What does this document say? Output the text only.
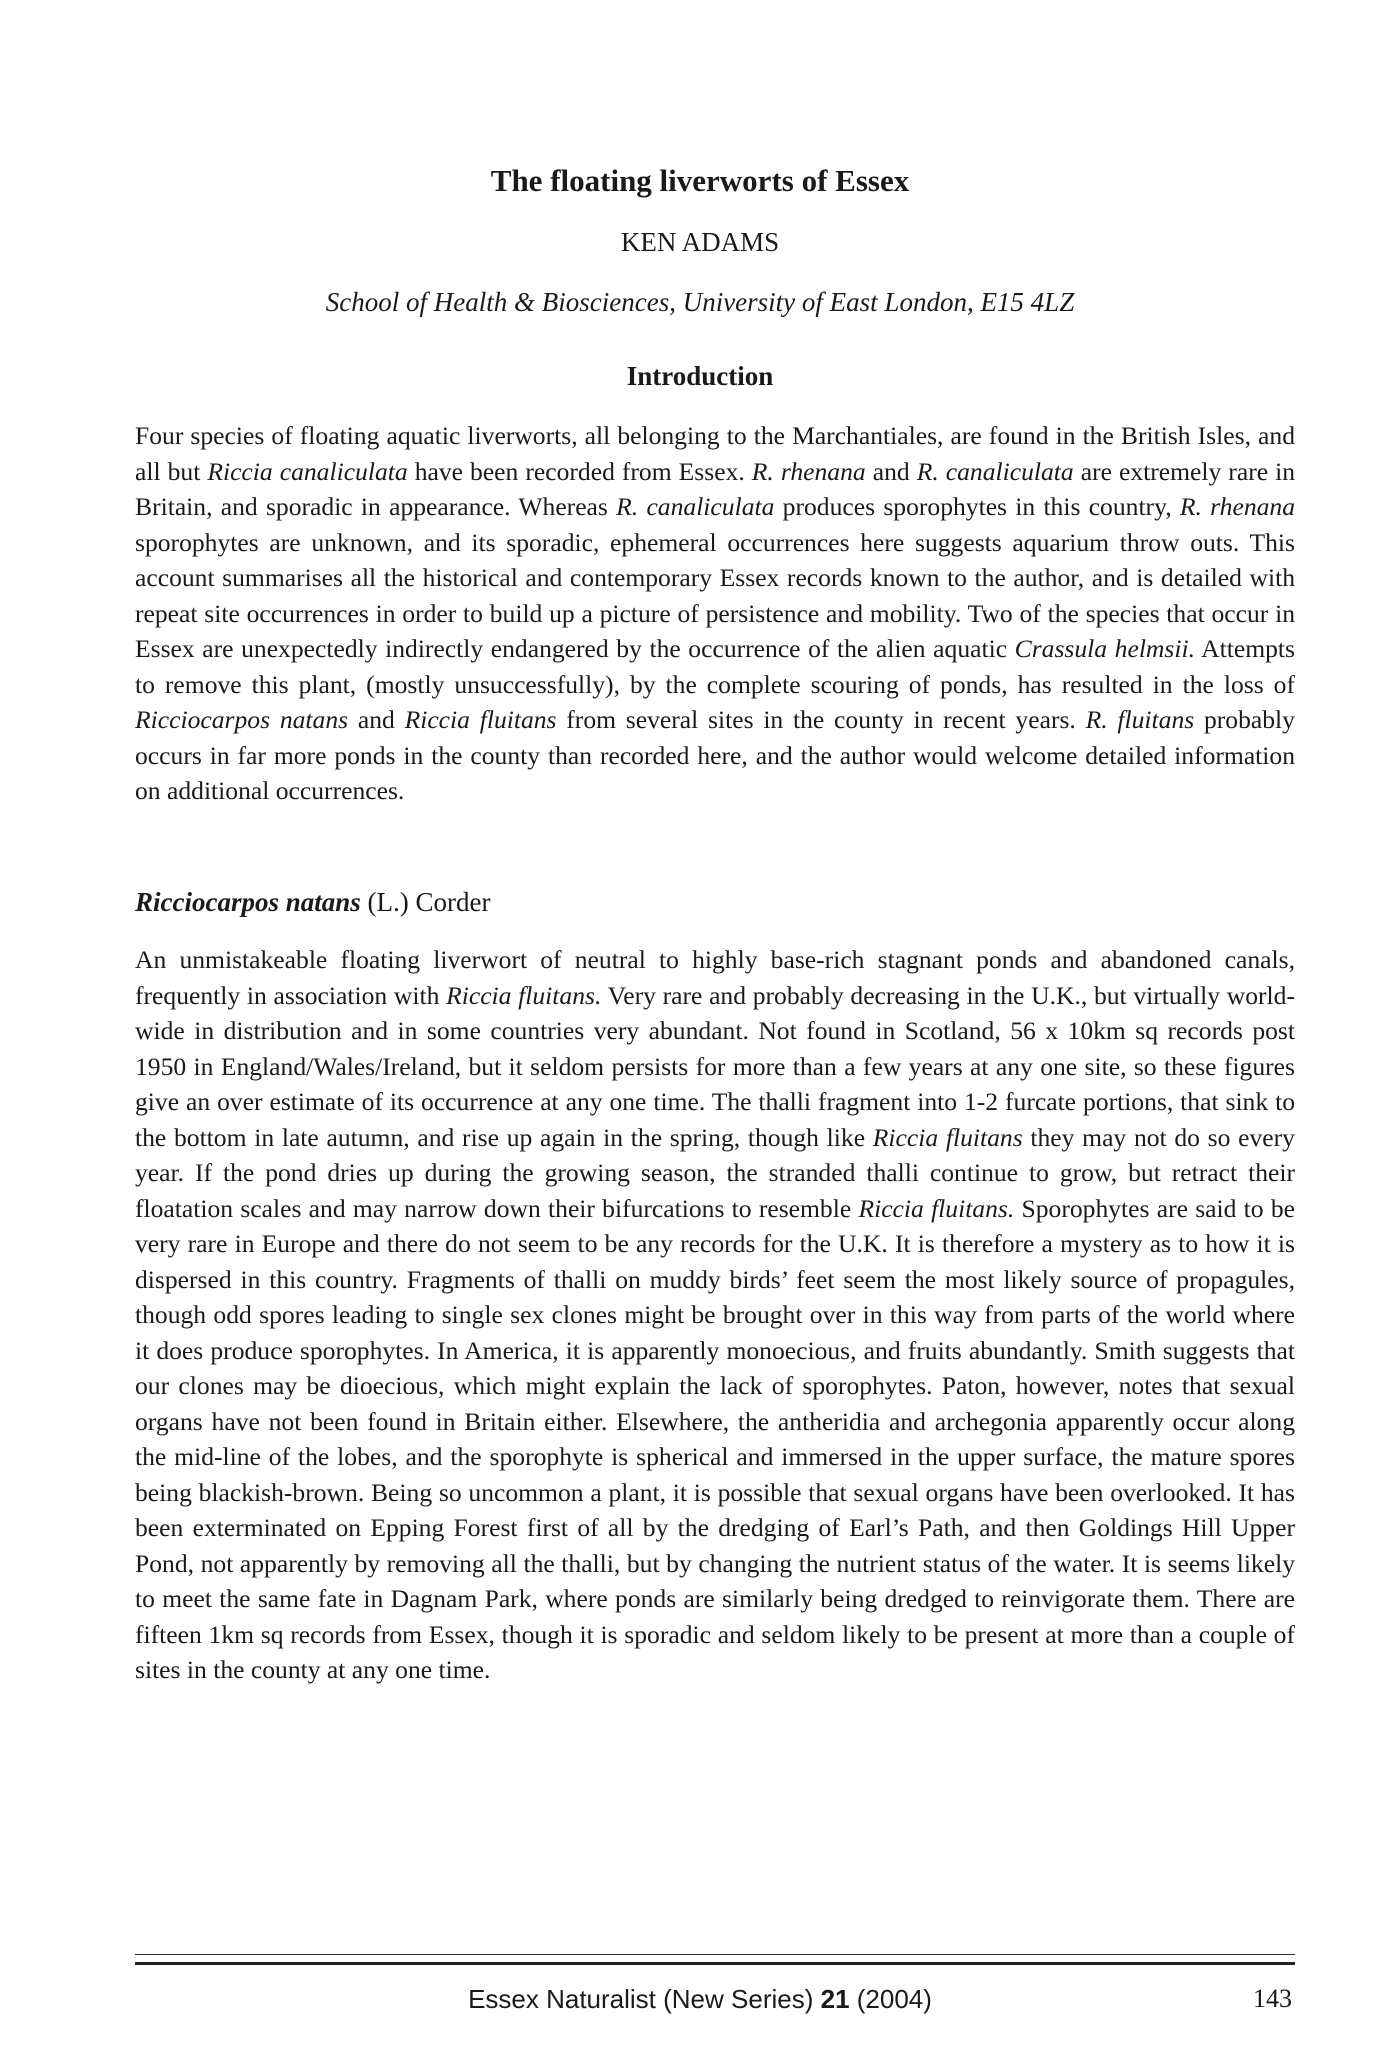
The floating liverworts of Essex
KEN ADAMS
School of Health & Biosciences, University of East London, E15 4LZ
Introduction
Four species of floating aquatic liverworts, all belonging to the Marchantiales, are found in the British Isles, and all but Riccia canaliculata have been recorded from Essex. R. rhenana and R. canaliculata are extremely rare in Britain, and sporadic in appearance. Whereas R. canaliculata produces sporophytes in this country, R. rhenana sporophytes are unknown, and its sporadic, ephemeral occurrences here suggests aquarium throw outs. This account summarises all the historical and contemporary Essex records known to the author, and is detailed with repeat site occurrences in order to build up a picture of persistence and mobility. Two of the species that occur in Essex are unexpectedly indirectly endangered by the occurrence of the alien aquatic Crassula helmsii. Attempts to remove this plant, (mostly unsuccessfully), by the complete scouring of ponds, has resulted in the loss of Ricciocarpos natans and Riccia fluitans from several sites in the county in recent years. R. fluitans probably occurs in far more ponds in the county than recorded here, and the author would welcome detailed information on additional occurrences.
Ricciocarpos natans (L.) Corder
An unmistakeable floating liverwort of neutral to highly base-rich stagnant ponds and abandoned canals, frequently in association with Riccia fluitans. Very rare and probably decreasing in the U.K., but virtually world-wide in distribution and in some countries very abundant. Not found in Scotland, 56 x 10km sq records post 1950 in England/Wales/Ireland, but it seldom persists for more than a few years at any one site, so these figures give an over estimate of its occurrence at any one time. The thalli fragment into 1-2 furcate portions, that sink to the bottom in late autumn, and rise up again in the spring, though like Riccia fluitans they may not do so every year. If the pond dries up during the growing season, the stranded thalli continue to grow, but retract their floatation scales and may narrow down their bifurcations to resemble Riccia fluitans. Sporophytes are said to be very rare in Europe and there do not seem to be any records for the U.K. It is therefore a mystery as to how it is dispersed in this country. Fragments of thalli on muddy birds’ feet seem the most likely source of propagules, though odd spores leading to single sex clones might be brought over in this way from parts of the world where it does produce sporophytes. In America, it is apparently monoecious, and fruits abundantly. Smith suggests that our clones may be dioecious, which might explain the lack of sporophytes. Paton, however, notes that sexual organs have not been found in Britain either. Elsewhere, the antheridia and archegonia apparently occur along the mid-line of the lobes, and the sporophyte is spherical and immersed in the upper surface, the mature spores being blackish-brown. Being so uncommon a plant, it is possible that sexual organs have been overlooked. It has been exterminated on Epping Forest first of all by the dredging of Earl’s Path, and then Goldings Hill Upper Pond, not apparently by removing all the thalli, but by changing the nutrient status of the water. It is seems likely to meet the same fate in Dagnam Park, where ponds are similarly being dredged to reinvigorate them. There are fifteen 1km sq records from Essex, though it is sporadic and seldom likely to be present at more than a couple of sites in the county at any one time.
Essex Naturalist (New Series) 21 (2004)	143
